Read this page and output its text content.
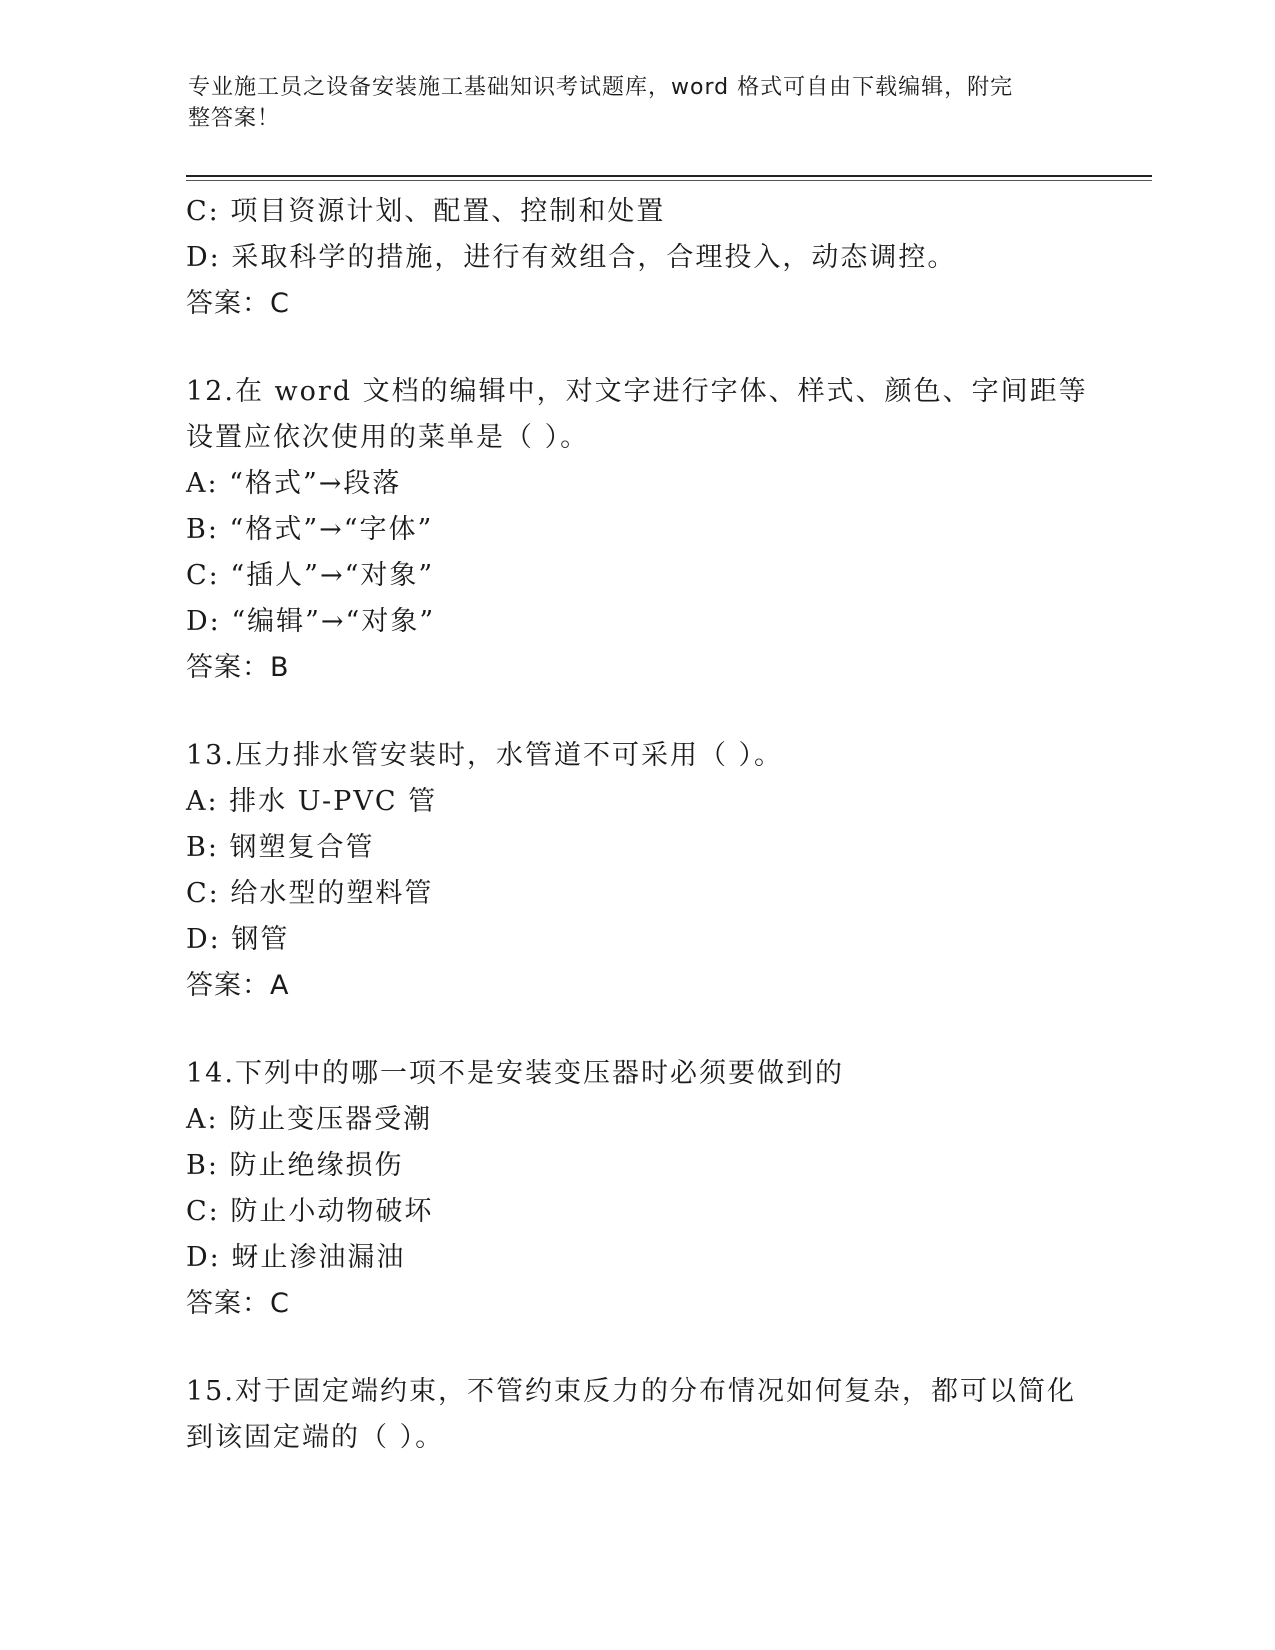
专业施工员之设备安装施工基础知识考试题库，word 格式可自由下载编辑，附完
整答案！
C: 项目资源计划、配置、控制和处置
D: 采取科学的措施，进行有效组合，合理投入，动态调控。
答案：C
12.在 word 文档的编辑中，对文字进行字体、样式、颜色、字间距等
设置应依次使用的菜单是（ ）。
A: “格式”→段落
B: “格式”→“字体”
C: “插人”→“对象”
D: “编辑”→“对象”
答案：B
13.压力排水管安装时，水管道不可采用（ ）。
A: 排水 U-PVC 管
B: 钢塑复合管
C: 给水型的塑料管
D: 钢管
答案：A
14.下列中的哪一项不是安装变压器时必须要做到的
A: 防止变压器受潮
B: 防止绝缘损伤
C: 防止小动物破坏
D: 蚜止渗油漏油
答案：C
15.对于固定端约束，不管约束反力的分布情况如何复杂，都可以简化
到该固定端的（ ）。
